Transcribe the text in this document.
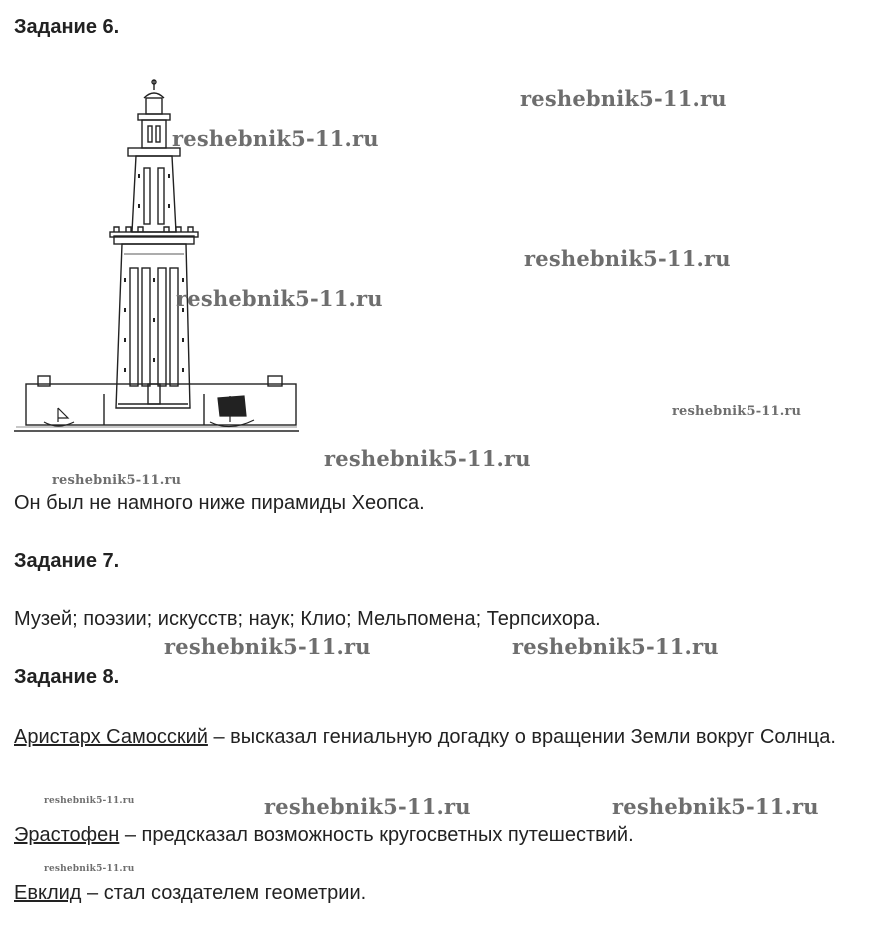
Задание 6.

Он был не намного ниже пирамиды Хеопса.

Задание 7.

Музей; поэзии; искусств; наук; Клио; Мельпомена; Терпсихора.

Задание 8.

Аристарх Самосский – высказал гениальную догадку о вращении Земли вокруг Солнца.

Эрастофен – предсказал возможность кругосветных путешествий.

Евклид – стал создателем геометрии.

reshebnik5-11.ru
reshebnik5-11.ru
reshebnik5-11.ru
reshebnik5-11.ru
reshebnik5-11.ru
reshebnik5-11.ru
reshebnik5-11.ru
reshebnik5-11.ru	reshebnik5-11.ru
reshebnik5-11.ru	reshebnik5-11.ru	reshebnik5-11.ru
reshebnik5-11.ru
